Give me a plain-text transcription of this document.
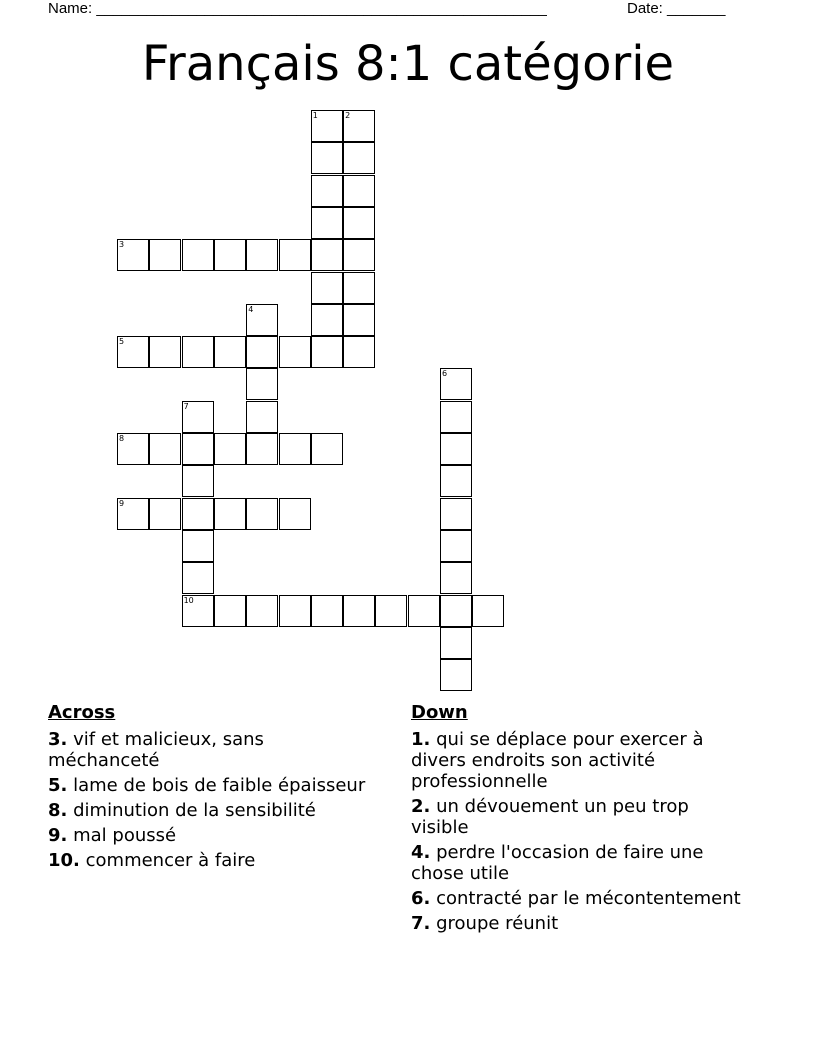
Name: ______________________________________________________	Date: _______
Français 8:1 catégorie
1	2
3
4
5
6
7
8
9
10
Across
3. vif et malicieux, sans méchanceté
5. lame de bois de faible épaisseur
8. diminution de la sensibilité
9. mal poussé
10. commencer à faire
Down
1. qui se déplace pour exercer à divers endroits son activité professionnelle
2. un dévouement un peu trop visible
4. perdre l'occasion de faire une chose utile
6. contracté par le mécontentement
7. groupe réunit
